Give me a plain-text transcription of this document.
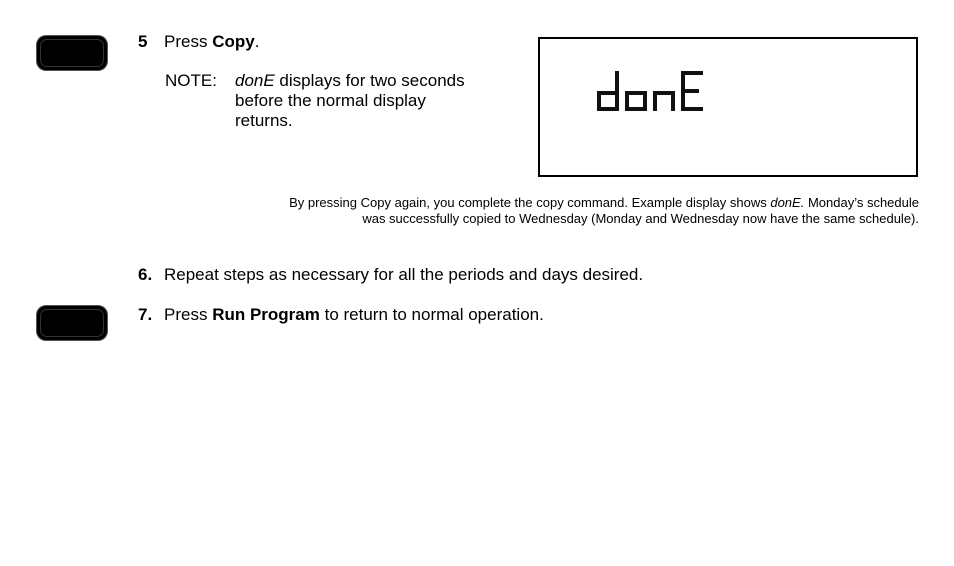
5 Press Copy.
NOTE: donE displays for two seconds
before the normal display
returns.
By pressing Copy again, you complete the copy command. Example display shows donE. Monday’s schedule
was successfully copied to Wednesday (Monday and Wednesday now have the same schedule).
6. Repeat steps as necessary for all the periods and days desired.
7. Press Run Program to return to normal operation.
